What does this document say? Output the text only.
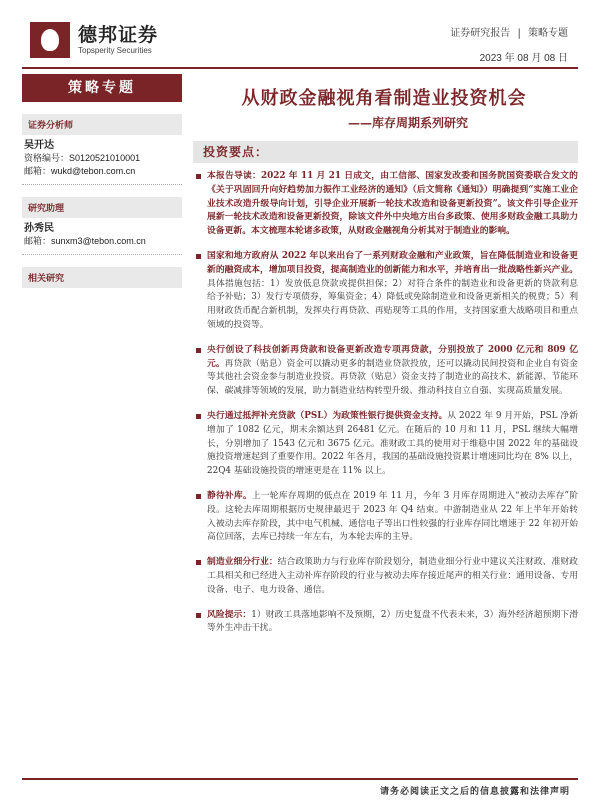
德邦证券
Topsperity Securities
证券研究报告 | 策略专题
2023 年 08 月 08 日
策略专题
证券分析师
吴开达
资格编号：S0120521010001
邮箱：wukd@tebon.com.cn
研究助理
孙秀民
邮箱：sunxm3@tebon.com.cn
相关研究
从财政金融视角看制造业投资机会
——库存周期系列研究
投资要点：
本报告导读：2022 年 11 月 21 日成文，由工信部、国家发改委和国务院国资委联合发文的《关于巩固回升向好趋势加力振作工业经济的通知》（后文简称《通知》）明确提到“实施工业企业技术改造升级导向计划，引导企业开展新一轮技术改造和设备更新投资”。该文件引导企业开展新一轮技术改造和设备更新投资，除该文件外中央地方出台多政策、使用多财政金融工具助力设备更新。本文梳理本轮诸多政策，从财政金融视角分析其对于制造业的影响。
国家和地方政府从 2022 年以来出台了一系列财政金融和产业政策，旨在降低制造业和设备更新的融资成本，增加项目投资，提高制造业的创新能力和水平，并培育出一批战略性新兴产业。具体措施包括：1）发放低息贷款或提供担保；2）对符合条件的制造业和设备更新的贷款利息给予补贴；3）发行专项债券，筹集资金；4）降低或免除制造业和设备更新相关的税费；5）利用财政货币配合新机制，发挥央行再贷款、再贴现等工具的作用，支持国家重大战略项目和重点领域的投资等。
央行创设了科技创新再贷款和设备更新改造专项再贷款，分别投放了 2000 亿元和 809 亿元。再贷款（贴息）资金可以撬动更多的制造业贷款投放，还可以撬动民间投资和企业自有资金等其他社会资金参与制造业投资。再贷款（贴息）资金支持了制造业的高技术、新能源、节能环保、碳减排等领域的发展，助力制造业结构转型升级、推动科技自立自强、实现高质量发展。
央行通过抵押补充贷款（PSL）为政策性银行提供资金支持。从 2022 年 9 月开始，PSL 净新增加了 1082 亿元，期末余额达到 26481 亿元。在随后的 10 月和 11 月，PSL 继续大幅增长，分别增加了 1543 亿元和 3675 亿元。准财政工具的使用对于维稳中国 2022 年的基础设施投资增速起到了重要作用。2022 年各月，我国的基础设施投资累计增速同比均在 8% 以上，22Q4 基础设施投资的增速更是在 11% 以上。
静待补库。上一轮库存周期的低点在 2019 年 11 月，今年 3 月库存周期进入“被动去库存”阶段。这轮去库周期根据历史规律最迟于 2023 年 Q4 结束。中游制造业从 22 年上半年开始转入被动去库存阶段，其中电气机械、通信电子等出口性较强的行业库存同比增速于 22 年初开始高位回落，去库已持续一年左右，为本轮去库的主导。
制造业细分行业：结合政策助力与行业库存阶段划分，制造业细分行业中建议关注财政、准财政工具相关和已经进入主动补库存阶段的行业与被动去库存接近尾声的相关行业：通用设备、专用设备、电子、电力设备、通信。
风险提示：1）财政工具落地影响不及预期，2）历史复盘不代表未来，3）海外经济超预期下滑等外生冲击干扰。
请务必阅读正文之后的信息披露和法律声明
